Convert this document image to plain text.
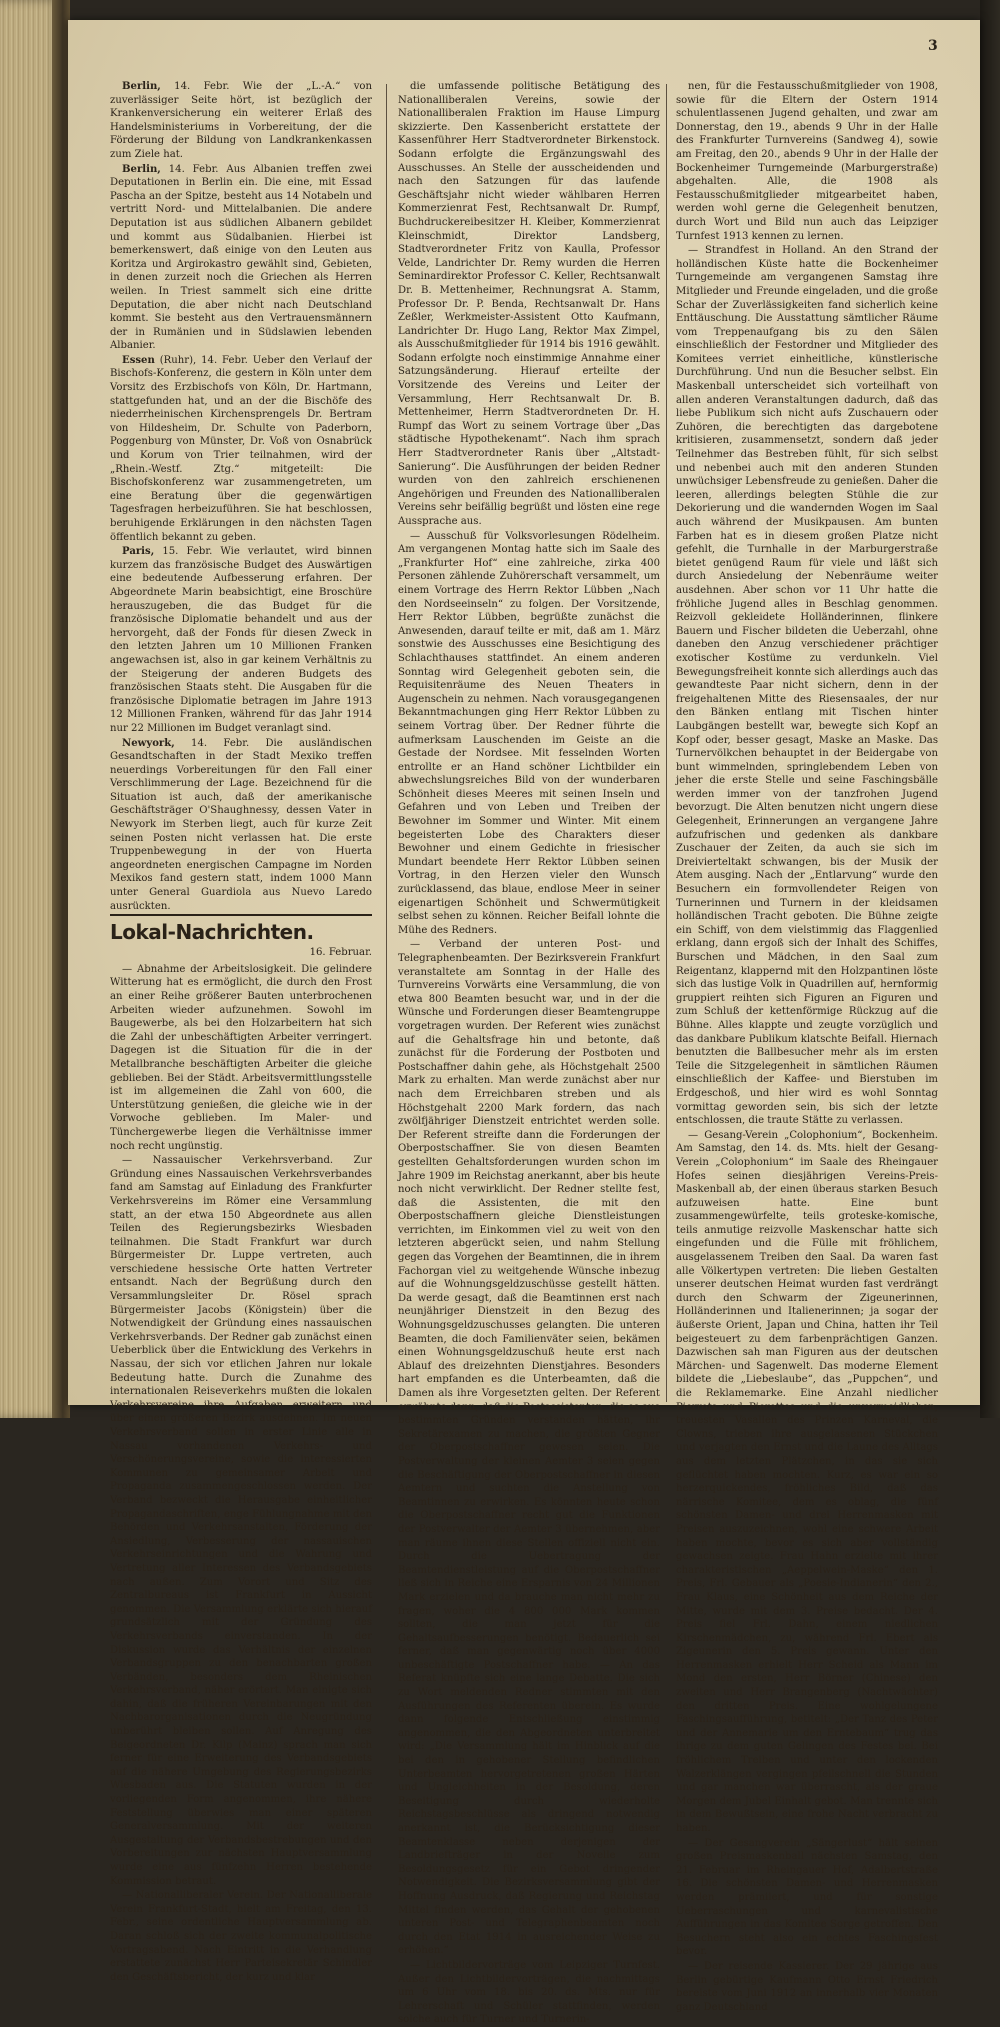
3

Berlin, 14. Febr. Wie der „L.-A.“ von zuverlässiger Seite hört, ist bezüglich der Krankenversicherung ein weiterer Erlaß des Handelsministeriums in Vorbereitung, der die Förderung der Bildung von Landkrankenkassen zum Ziele hat.

Berlin, 14. Febr. Aus Albanien treffen zwei Deputationen in Berlin ein. Die eine, mit Essad Pascha an der Spitze, besteht aus 14 Notabeln und vertritt Nord- und Mittelalbanien. Die andere Deputation ist aus südlichen Albanern gebildet und kommt aus Südalbanien. Hierbei ist bemerkenswert, daß einige von den Leuten aus Koritza und Argirokastro gewählt sind, Gebieten, in denen zurzeit noch die Griechen als Herren weilen. In Triest sammelt sich eine dritte Deputation, die aber nicht nach Deutschland kommt. Sie besteht aus den Vertrauensmännern der in Rumänien und in Südslawien lebenden Albanier.

Essen (Ruhr), 14. Febr. Ueber den Verlauf der Bischofs-Konferenz, die gestern in Köln unter dem Vorsitz des Erzbischofs von Köln, Dr. Hartmann, stattgefunden hat, und an der die Bischöfe des niederrheinischen Kirchensprengels Dr. Bertram von Hildesheim, Dr. Schulte von Paderborn, Poggenburg von Münster, Dr. Voß von Osnabrück und Korum von Trier teilnahmen, wird der „Rhein.-Westf. Ztg.“ mitgeteilt: Die Bischofskonferenz war zusammengetreten, um eine Beratung über die gegenwärtigen Tagesfragen herbeizuführen. Sie hat beschlossen, beruhigende Erklärungen in den nächsten Tagen öffentlich bekannt zu geben.

Paris, 15. Febr. Wie verlautet, wird binnen kurzem das französische Budget des Auswärtigen eine bedeutende Aufbesserung erfahren. Der Abgeordnete Marin beabsichtigt, eine Broschüre herauszugeben, die das Budget für die französische Diplomatie behandelt und aus der hervorgeht, daß der Fonds für diesen Zweck in den letzten Jahren um 10 Millionen Franken angewachsen ist, also in gar keinem Verhältnis zu der Steigerung der anderen Budgets des französischen Staats steht. Die Ausgaben für die französische Diplomatie betragen im Jahre 1913 12 Millionen Franken, während für das Jahr 1914 nur 22 Millionen im Budget veranlagt sind.

Newyork, 14. Febr. Die ausländischen Gesandtschaften in der Stadt Mexiko treffen neuerdings Vorbereitungen für den Fall einer Verschlimmerung der Lage. Bezeichnend für die Situation ist auch, daß der amerikanische Geschäftsträger O'Shaughnessy, dessen Vater in Newyork im Sterben liegt, auch für kurze Zeit seinen Posten nicht verlassen hat. Die erste Truppenbewegung in der von Huerta angeordneten energischen Campagne im Norden Mexikos fand gestern statt, indem 1000 Mann unter General Guardiola aus Nuevo Laredo ausrückten.

Lokal-Nachrichten.

16. Februar.

— Abnahme der Arbeitslosigkeit. Die gelindere Witterung hat es ermöglicht, die durch den Frost an einer Reihe größerer Bauten unterbrochenen Arbeiten wieder aufzunehmen. Sowohl im Baugewerbe, als bei den Holzarbeitern hat sich die Zahl der unbeschäftigten Arbeiter verringert. Dagegen ist die Situation für die in der Metallbranche beschäftigten Arbeiter die gleiche geblieben. Bei der Städt. Arbeitsvermittlungsstelle ist im allgemeinen die Zahl von 600, die Unterstützung genießen, die gleiche wie in der Vorwoche geblieben. Im Maler- und Tünchergewerbe liegen die Verhältnisse immer noch recht ungünstig.

— Nassauischer Verkehrsverband. Zur Gründung eines Nassauischen Verkehrsverbandes fand am Samstag auf Einladung des Frankfurter Verkehrsvereins im Römer eine Versammlung statt, an der etwa 150 Abgeordnete aus allen Teilen des Regierungsbezirks Wiesbaden teilnahmen. Die Stadt Frankfurt war durch Bürgermeister Dr. Luppe vertreten, auch verschiedene hessische Orte hatten Vertreter entsandt. Nach der Begrüßung durch den Versammlungsleiter Dr. Rösel sprach Bürgermeister Jacobs (Königstein) über die Notwendigkeit der Gründung eines nassauischen Verkehrsverbands. Der Redner gab zunächst einen Ueberblick über die Entwicklung des Verkehrs in Nassau, der sich vor etlichen Jahren nur lokale Bedeutung hatte. Durch die Zunahme des internationalen Reiseverkehrs mußten die lokalen Verkehrsvereine ihre Aufgaben erweitern und über einen größeren Bezirk ausdehnen. Im neuen Verkehrsverband sollen in erster Linie alle in Nassau vorhandenen Verkehrs- und Verschönerungsvereine, sowie die interessierten Kommunen zu gemeinsamer Arbeit und Propaganda zusammengeschlossen werden. Der Verband bezweckt die Herausgabe einheitlicher Propagandaschriften, enge Fühlungnahme mit den Behörden und Verkehrsanstalten, Förderung der Ansiedlung, Verbesserung der nassauischen Verkehrseinrichtungen und die Wahrung und Vertretung aller Interessen des Verbandsgebiets nach außen. Zum Vorort und Sitz des Zentralbureaus ist Frankfurt in Aussicht genommen. Die Versammlung erklärte sich hierauf grundsätzlich mit der Gründung des Verkehrsverbands einverstanden. In der Diskussion wurde das Verhältnis der einzelnen Verbandsgruppen zu den benachbarten großen Verbänden, besonders dem Rheinischen Verkehrsverband, näher erörtert. Man einigte sich dahin, daß die früheren Vereinbarungen mit den Nachbarorganisationen durch die Neugründung unberührt bleiben sollen. Auf Anregung des Beigeordneten Dr. Kilp (Mainz) sprach man sich ferner für eine Erweiterung des Verbandsgebiets auf die nähere Umgebung des Regierungsbezirks Wiesbaden aus. Die Statuten wurden in der vorliegenden Form angenommen, ihre nähere Feststellung überwies man einer späteren Generalversammlung. Mit der weiteren Ausgestaltung der Verbandsbestrebungen und den Vorbereitungen zur nächsten Hauptversammlung wurde eine aus fünfzehn Herren bestehende Kommission betraut.

— Nationalliberaler Verein. Der Nationalliberale Verein Frankfurt-Stadt, hielt am Freitag, den 13. Febr., seine ordentliche Hauptversammlung ab. Daran schloß sich der zweite kommunalpolitische Vortragsabend. Nach Eintritt in die Verhandlung erstattete zunächst Herr Parteisekretär Schindler den Geschäftsbericht, der kurz und klar

die umfassende politische Betätigung des Nationalliberalen Vereins, sowie der Nationalliberalen Fraktion im Hause Limpurg skizzierte. Den Kassenbericht erstattete der Kassenführer Herr Stadtverordneter Birkenstock. Sodann erfolgte die Ergänzungswahl des Ausschusses. An Stelle der ausscheidenden und nach den Satzungen für das laufende Geschäftsjahr nicht wieder wählbaren Herren Kommerzienrat Fest, Rechtsanwalt Dr. Rumpf, Buchdruckereibesitzer H. Kleiber, Kommerzienrat Kleinschmidt, Direktor Landsberg, Stadtverordneter Fritz von Kaulla, Professor Velde, Landrichter Dr. Remy wurden die Herren Seminardirektor Professor C. Keller, Rechtsanwalt Dr. B. Mettenheimer, Rechnungsrat A. Stamm, Professor Dr. P. Benda, Rechtsanwalt Dr. Hans Zeßler, Werkmeister-Assistent Otto Kaufmann, Landrichter Dr. Hugo Lang, Rektor Max Zimpel, als Ausschußmitglieder für 1914 bis 1916 gewählt. Sodann erfolgte noch einstimmige Annahme einer Satzungsänderung. Hierauf erteilte der Vorsitzende des Vereins und Leiter der Versammlung, Herr Rechtsanwalt Dr. B. Mettenheimer, Herrn Stadtverordneten Dr. H. Rumpf das Wort zu seinem Vortrage über „Das städtische Hypothekenamt“. Nach ihm sprach Herr Stadtverordneter Ranis über „Altstadt-Sanierung“. Die Ausführungen der beiden Redner wurden von den zahlreich erschienenen Angehörigen und Freunden des Nationalliberalen Vereins sehr beifällig begrüßt und lösten eine rege Aussprache aus.

— Ausschuß für Volksvorlesungen Rödelheim. Am vergangenen Montag hatte sich im Saale des „Frankfurter Hof“ eine zahlreiche, zirka 400 Personen zählende Zuhörerschaft versammelt, um einem Vortrage des Herrn Rektor Lübben „Nach den Nordseeinseln“ zu folgen. Der Vorsitzende, Herr Rektor Lübben, begrüßte zunächst die Anwesenden, darauf teilte er mit, daß am 1. März sonstwie des Ausschusses eine Besichtigung des Schlachthauses stattfindet. An einem anderen Sonntag wird Gelegenheit geboten sein, die Requisitenräume des Neuen Theaters in Augenschein zu nehmen. Nach vorausgegangenen Bekanntmachungen ging Herr Rektor Lübben zu seinem Vortrag über. Der Redner führte die aufmerksam Lauschenden im Geiste an die Gestade der Nordsee. Mit fesselnden Worten entrollte er an Hand schöner Lichtbilder ein abwechslungsreiches Bild von der wunderbaren Schönheit dieses Meeres mit seinen Inseln und Gefahren und von Leben und Treiben der Bewohner im Sommer und Winter. Mit einem begeisterten Lobe des Charakters dieser Bewohner und einem Gedichte in friesischer Mundart beendete Herr Rektor Lübben seinen Vortrag, in den Herzen vieler den Wunsch zurücklassend, das blaue, endlose Meer in seiner eigenartigen Schönheit und Schwermütigkeit selbst sehen zu können. Reicher Beifall lohnte die Mühe des Redners.

— Verband der unteren Post- und Telegraphenbeamten. Der Bezirksverein Frankfurt veranstaltete am Sonntag in der Halle des Turnvereins Vorwärts eine Versammlung, die von etwa 800 Beamten besucht war, und in der die Wünsche und Forderungen dieser Beamtengruppe vorgetragen wurden. Der Referent wies zunächst auf die Gehaltsfrage hin und betonte, daß zunächst für die Forderung der Postboten und Postschaffner dahin gehe, als Höchstgehalt 2500 Mark zu erhalten. Man werde zunächst aber nur nach dem Erreichbaren streben und als Höchstgehalt 2200 Mark fordern, das nach zwölfjähriger Dienstzeit entrichtet werden solle. Der Referent streifte dann die Forderungen der Oberpostschaffner. Sie von diesen Beamten gestellten Gehaltsforderungen wurden schon im Jahre 1909 im Reichstag anerkannt, aber bis heute noch nicht verwirklicht. Der Redner stellte fest, daß die Assistenten, die mit den Oberpostschaffnern gleiche Dienstleistungen verrichten, im Einkommen viel zu weit von den letzteren abgerückt seien, und nahm Stellung gegen das Vorgehen der Beamtinnen, die in ihrem Fachorgan viel zu weitgehende Wünsche inbezug auf die Wohnungsgeldzuschüsse gestellt hätten. Da werde gesagt, daß die Beamtinnen erst nach neunjähriger Dienstzeit in den Bezug des Wohnungsgeldzuschusses gelangten. Die unteren Beamten, die doch Familienväter seien, bekämen einen Wohnungsgeldzuschuß heute erst nach Ablauf des dreizehnten Dienstjahres. Besonders hart empfanden es die Unterbeamten, daß die Damen als ihre Vorgesetzten gelten. Der Referent erwähnte dann, daß die Postassistenten, die es aus bestimmten Gründen verstanden hätten, ihr Sekretärexamen zu machen, die größten Gegner der Oberpostschaffner gewesen seien. Die Postverwaltung der kleinen Aemter 3 seien gegen die Beschäftigung der Oberpostschaffner in diesen Aemtern und suchten die Anstellung von Beamtinnen zu erwirken. Es könnten heute schon die Oberpostschaffner recht gut die Funktionen der Postverwalter der Aemter 3 übernehmen, aber man räume ihnen diese Stellen offiziell nicht ein. Durch die Uebertragung der Beamtendienstleistung auf die Oberpostschaffner ließ sich in Reiche eine Ersparnis von 24 Millionen Mark erzielen und da brauche man nicht mehr zu fragen, woher die 4 800 000 Mark kommen sollten, die man jetzt für die Gehaltsaufbesserungen benötigt. Bedauerlich sei ferner, daß man gegenwärtig noch über 4000 unbeschäftigte Postschaffner habe. — An das Referat knüpfte sich eine lange Debatte. Die sich zu Wort meldenden Redner stimmten mit den Ausführungen des Referenten überein. Es wurde dann folgende Entschließung einstimmig angenommen, die den Abgeordneten unterbreitet wird: „Die Versammlung hält im Hinblick auf die bei den in gehobener Stellung befindlichen Unterbeamten hervorgetretenen großen Härten und Ungleichheiten in der Besoldung, deren Beseitigung durch wiederholte Reichstagsbeschlüsse als dringend notwendig anerkannt ist, die Berücksichtigung dieser Beamtenklasse neben derjenigen der Landbriefträger in der Novelle zum Besoldungsgesetz für ein Gebot dringender Notwendigkeit. Die Bezirksversammlung gibt der Hoffnung Ausdruck, daß Regierung und Reichstag Mittel finden werden, das Gehalt der gehobenen unteren Post- und Telegraphenbeamten noch durch den Etat 1914 in ausreichender Weise zu erhöhen.“

— Lichtbildervorträge vom Leipziger Turnfest. Außer den Lichtbildervorträgen, die nachmittags um 6 Uhr vom 18. bis 20. ds. Mts. nur für Lehrerschaft und Schüler stattfinden, werden solche auch für Turner und Turnerin-

nen, für die Festausschußmitglieder von 1908, sowie für die Eltern der Ostern 1914 schulentlassenen Jugend gehalten, und zwar am Donnerstag, den 19., abends 9 Uhr in der Halle des Frankfurter Turnvereins (Sandweg 4), sowie am Freitag, den 20., abends 9 Uhr in der Halle der Bockenheimer Turngemeinde (Marburgerstraße) abgehalten. Alle, die 1908 als Festausschußmitglieder mitgearbeitet haben, werden wohl gerne die Gelegenheit benutzen, durch Wort und Bild nun auch das Leipziger Turnfest 1913 kennen zu lernen.

— Strandfest in Holland. An den Strand der holländischen Küste hatte die Bockenheimer Turngemeinde am vergangenen Samstag ihre Mitglieder und Freunde eingeladen, und die große Schar der Zuverlässigkeiten fand sicherlich keine Enttäuschung. Die Ausstattung sämtlicher Räume vom Treppenaufgang bis zu den Sälen einschließlich der Festordner und Mitglieder des Komitees verriet einheitliche, künstlerische Durchführung. Und nun die Besucher selbst. Ein Maskenball unterscheidet sich vorteilhaft von allen anderen Veranstaltungen dadurch, daß das liebe Publikum sich nicht aufs Zuschauern oder Zuhören, die berechtigten das dargebotene kritisieren, zusammensetzt, sondern daß jeder Teilnehmer das Bestreben fühlt, für sich selbst und nebenbei auch mit den anderen Stunden unwüchsiger Lebensfreude zu genießen. Daher die leeren, allerdings belegten Stühle die zur Dekorierung und die wandernden Wogen im Saal auch während der Musikpausen. Am bunten Farben hat es in diesem großen Platze nicht gefehlt, die Turnhalle in der Marburgerstraße bietet genügend Raum für viele und läßt sich durch Ansiedelung der Nebenräume weiter ausdehnen. Aber schon vor 11 Uhr hatte die fröhliche Jugend alles in Beschlag genommen. Reizvoll gekleidete Holländerinnen, flinkere Bauern und Fischer bildeten die Ueberzahl, ohne daneben den Anzug verschiedener prächtiger exotischer Kostüme zu verdunkeln. Viel Bewegungsfreiheit konnte sich allerdings auch das gewandteste Paar nicht sichern, denn in der freigehaltenen Mitte des Riesensaales, der nur den Bänken entlang mit Tischen hinter Laubgängen bestellt war, bewegte sich Kopf an Kopf oder, besser gesagt, Maske an Maske. Das Turnervölkchen behauptet in der Beidergabe von bunt wimmelnden, springlebendem Leben von jeher die erste Stelle und seine Faschingsbälle werden immer von der tanzfrohen Jugend bevorzugt. Die Alten benutzen nicht ungern diese Gelegenheit, Erinnerungen an vergangene Jahre aufzufrischen und gedenken als dankbare Zuschauer der Zeiten, da auch sie sich im Dreivierteltakt schwangen, bis der Musik der Atem ausging. Nach der „Entlarvung“ wurde den Besuchern ein formvollendeter Reigen von Turnerinnen und Turnern in der kleidsamen holländischen Tracht geboten. Die Bühne zeigte ein Schiff, von dem vielstimmig das Flaggenlied erklang, dann ergoß sich der Inhalt des Schiffes, Burschen und Mädchen, in den Saal zum Reigentanz, klappernd mit den Holzpantinen löste sich das lustige Volk in Quadrillen auf, hernformig gruppiert reihten sich Figuren an Figuren und zum Schluß der kettenförmige Rückzug auf die Bühne. Alles klappte und zeugte vorzüglich und das dankbare Publikum klatschte Beifall. Hiernach benutzten die Ballbesucher mehr als im ersten Teile die Sitzgelegenheit in sämtlichen Räumen einschließlich der Kaffee- und Bierstuben im Erdgeschoß, und hier wird es wohl Sonntag vormittag geworden sein, bis sich der letzte entschlossen, die traute Stätte zu verlassen.

— Gesang-Verein „Colophonium“, Bockenheim. Am Samstag, den 14. ds. Mts. hielt der Gesang-Verein „Colophonium“ im Saale des Rheingauer Hofes seinen diesjährigen Vereins-Preis-Maskenball ab, der einen überaus starken Besuch aufzuweisen hatte. Eine bunt zusammengewürfelte, teils groteske-komische, teils anmutige reizvolle Maskenschar hatte sich eingefunden und die Fülle mit fröhlichem, ausgelassenem Treiben den Saal. Da waren fast alle Völkertypen vertreten: Die lieben Gestalten unserer deutschen Heimat wurden fast verdrängt durch den Schwarm der Zigeunerinnen, Holländerinnen und Italienerinnen; ja sogar der äußerste Orient, Japan und China, hatten ihr Teil beigesteuert zu dem farbenprächtigen Ganzen. Dazwischen sah man Figuren aus der deutschen Märchen- und Sagenwelt. Das moderne Element bildete die „Liebeslaube“, das „Puppchen“, und die Reklamemarke. Eine Anzahl niedlicher Pierrots und Pierettes und die unvermeidlichen, treuesten Vasallen des Prinzen Karneval, die Clowns, trieben ihre ausgelassenen Stückchen und verjagten den Ernst und die Laune des Alltags aus dem letzten Plätzchen, in das sie sich geflüchtet haben mochten. Kurz, es war ein so herzerquickendes, fröhliches Bild, daß das närrische Komitee, dem es oblag, die fünf schönsten Damen- und drei Herrenmasken mit Preisen auszuzeichnen, wohl eine schwere Arbeit haben mochte, bevor es sich aber vollständig gewachsen zeigte. Frau Hahn erzielte mit ihrer charakteristischen „Aeppelwein-Maske“ den 1. Preis, Frl. Gebauer als „Poesie-Indianerin“ den 2., Frau Klaus, eine Schönheit aus dem Reiche der Mitte, wurde mit dem 3. Preise bedacht. Der 4. Preis fiel Frl. Dahn, einem niedlichen Kirschenmädchen, zu, während Frl. Ebert als Zigeunerin den 5. Preis gewann. Unter den Herrenmasken erhielt Herr Scheid als Mann im Mond den ersten, Herr Börner (Chinese) den zweiten und Herr Brangenberg (Nachtwächter) den dritten Preis. Eine wohlgelungene Faschingsaufführung, betitelt: „Der Tanz des Peter und der Annemarie um den Erntebaum“ trug das ihrige zu dem guten Gelingen des Festes bei. Bei fröhlichem Treiben und unter den lockenden Walzerklängen vergingen pfeilschnell die Stunden und gar manchen war überrascht, als der graue Morgen dem Jubel Einhalt gebot. Man trennte sich in dem Bewußtsein, eine frohe Nacht verbracht zu haben.

— Der Gesangverein „Sängerlust“ hält seinen großen Preismaskenball nächsten Samstag, den 21. Februar im Rheingauer Hof, Adalbertstraße 16. Die schönsten Damen- und Herrenmasken werden prämiiert, und für sonstige Ueberraschungen und karnevalistische Aufführungen in das Komitee Sorge getroffen. Den Besuchern steht also ein echtes Faschingsfest bevor.

— Der reisende Kassierer. Der 29 jährige aus Berlin gebürtige Kaufmann Otto Ernst Friedrich bereiste vom Juni 1912 an innerhalb vier Monaten ganz Deutschland
